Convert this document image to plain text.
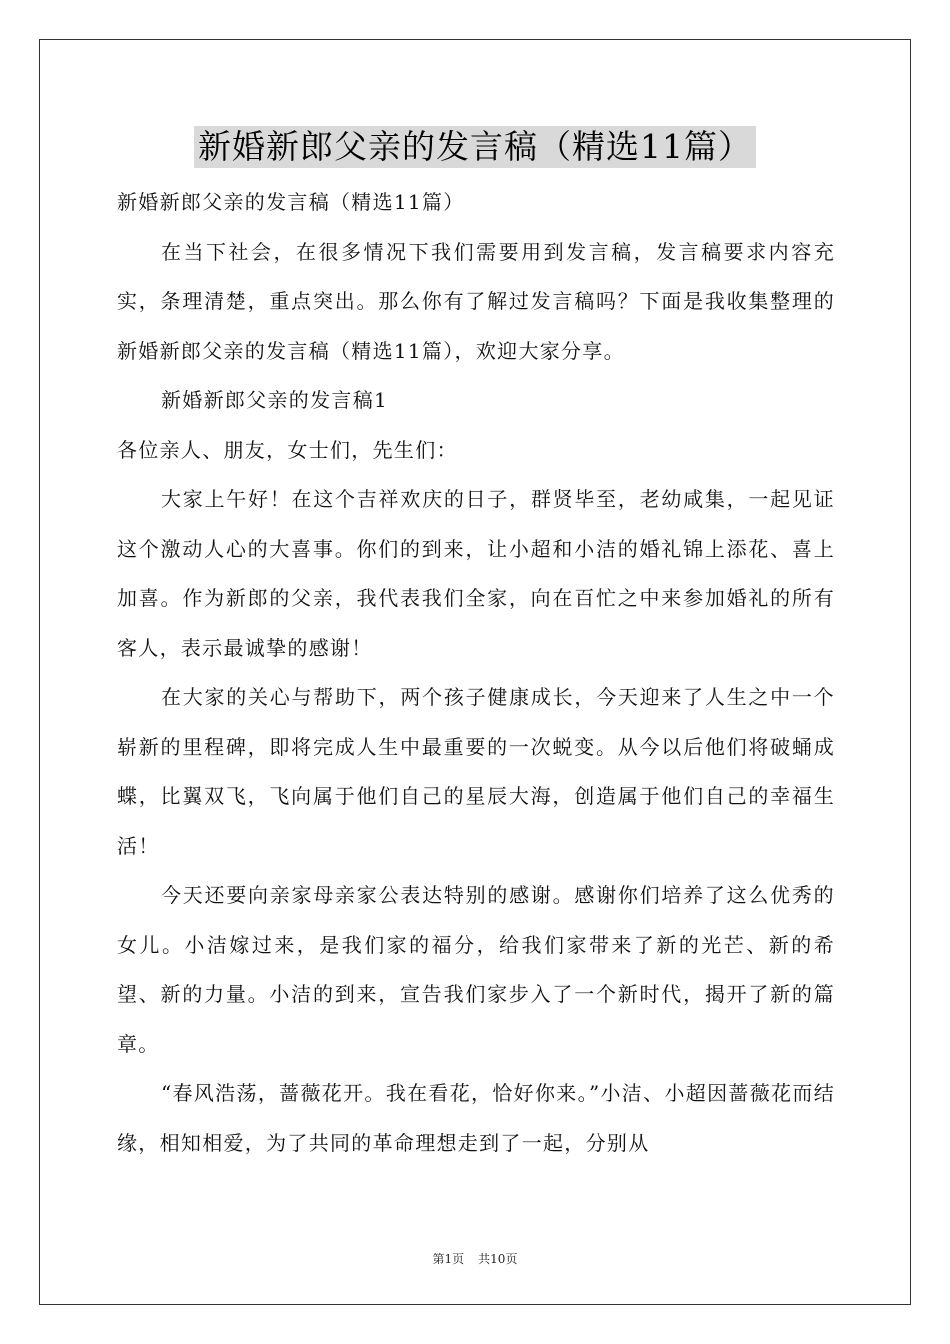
新婚新郎父亲的发言稿（精选11篇）

新婚新郎父亲的发言稿（精选11篇）

在当下社会，在很多情况下我们需要用到发言稿，发言稿要求内容充实，条理清楚，重点突出。那么你有了解过发言稿吗？下面是我收集整理的新婚新郎父亲的发言稿（精选11篇），欢迎大家分享。

新婚新郎父亲的发言稿1

各位亲人、朋友，女士们，先生们：

大家上午好！在这个吉祥欢庆的日子，群贤毕至，老幼咸集，一起见证这个激动人心的大喜事。你们的到来，让小超和小洁的婚礼锦上添花、喜上加喜。作为新郎的父亲，我代表我们全家，向在百忙之中来参加婚礼的所有客人，表示最诚挚的感谢！

在大家的关心与帮助下，两个孩子健康成长，今天迎来了人生之中一个崭新的里程碑，即将完成人生中最重要的一次蜕变。从今以后他们将破蛹成蝶，比翼双飞，飞向属于他们自己的星辰大海，创造属于他们自己的幸福生活！

今天还要向亲家母亲家公表达特别的感谢。感谢你们培养了这么优秀的女儿。小洁嫁过来，是我们家的福分，给我们家带来了新的光芒、新的希望、新的力量。小洁的到来，宣告我们家步入了一个新时代，揭开了新的篇章。

“春风浩荡，蔷薇花开。我在看花，恰好你来。”小洁、小超因蔷薇花而结缘，相知相爱，为了共同的革命理想走到了一起，分别从

第1页 共10页
